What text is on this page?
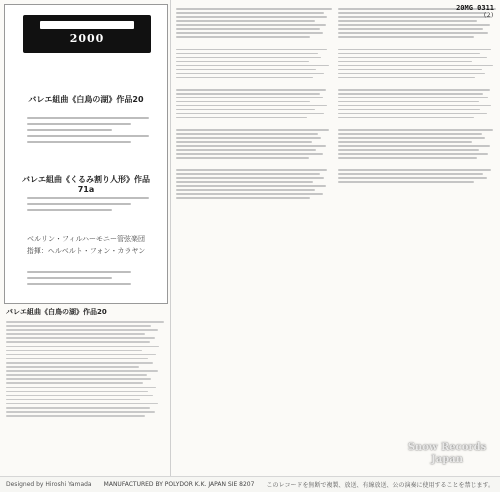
2000
バレエ組曲《白鳥の湖》作品20
バレエ組曲《くるみ割り人形》作品71a
ベルリン・フィルハーモニー管弦楽団
指揮：ヘルベルト・フォン・カラヤン
バレエ組曲《白鳥の湖》作品20
20MG 0311
(2)
Snow Records
Japan
Designed by Hiroshi Yamada	MANUFACTURED BY POLYDOR K.K. JAPAN SIE 8207	このレコードを無断で複製、放送、有線放送、公の演奏に使用することを禁じます。
